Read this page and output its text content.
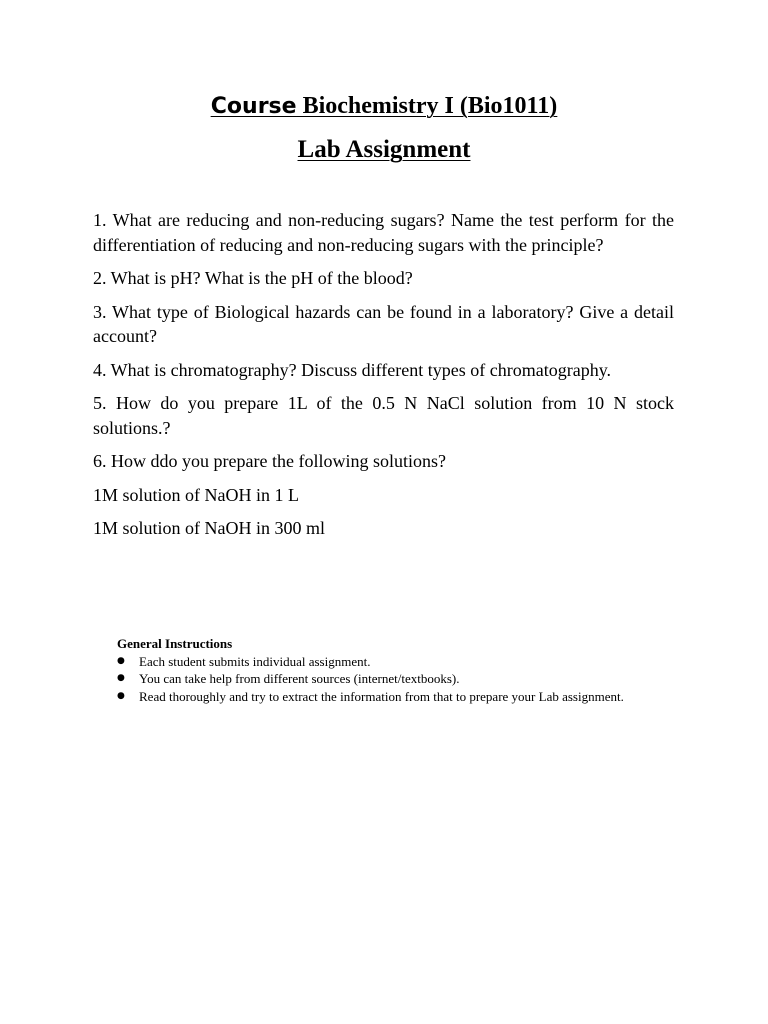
Course Biochemistry I (Bio1011)
Lab Assignment

1. What are reducing and non-reducing sugars? Name the test perform for the differentiation of reducing and non-reducing sugars with the principle?

2. What is pH? What is the pH of the blood?

3. What type of Biological hazards can be found in a laboratory? Give a detail account?

4. What is chromatography? Discuss different types of chromatography.

5. How do you prepare 1L of the 0.5 N NaCl solution from 10 N stock solutions.?

6. How ddo you prepare the following solutions?

1M solution of NaOH in 1 L

1M solution of NaOH in 300 ml

General Instructions
● Each student submits individual assignment.
● You can take help from different sources (internet/textbooks).
● Read thoroughly and try to extract the information from that to prepare your Lab assignment.
